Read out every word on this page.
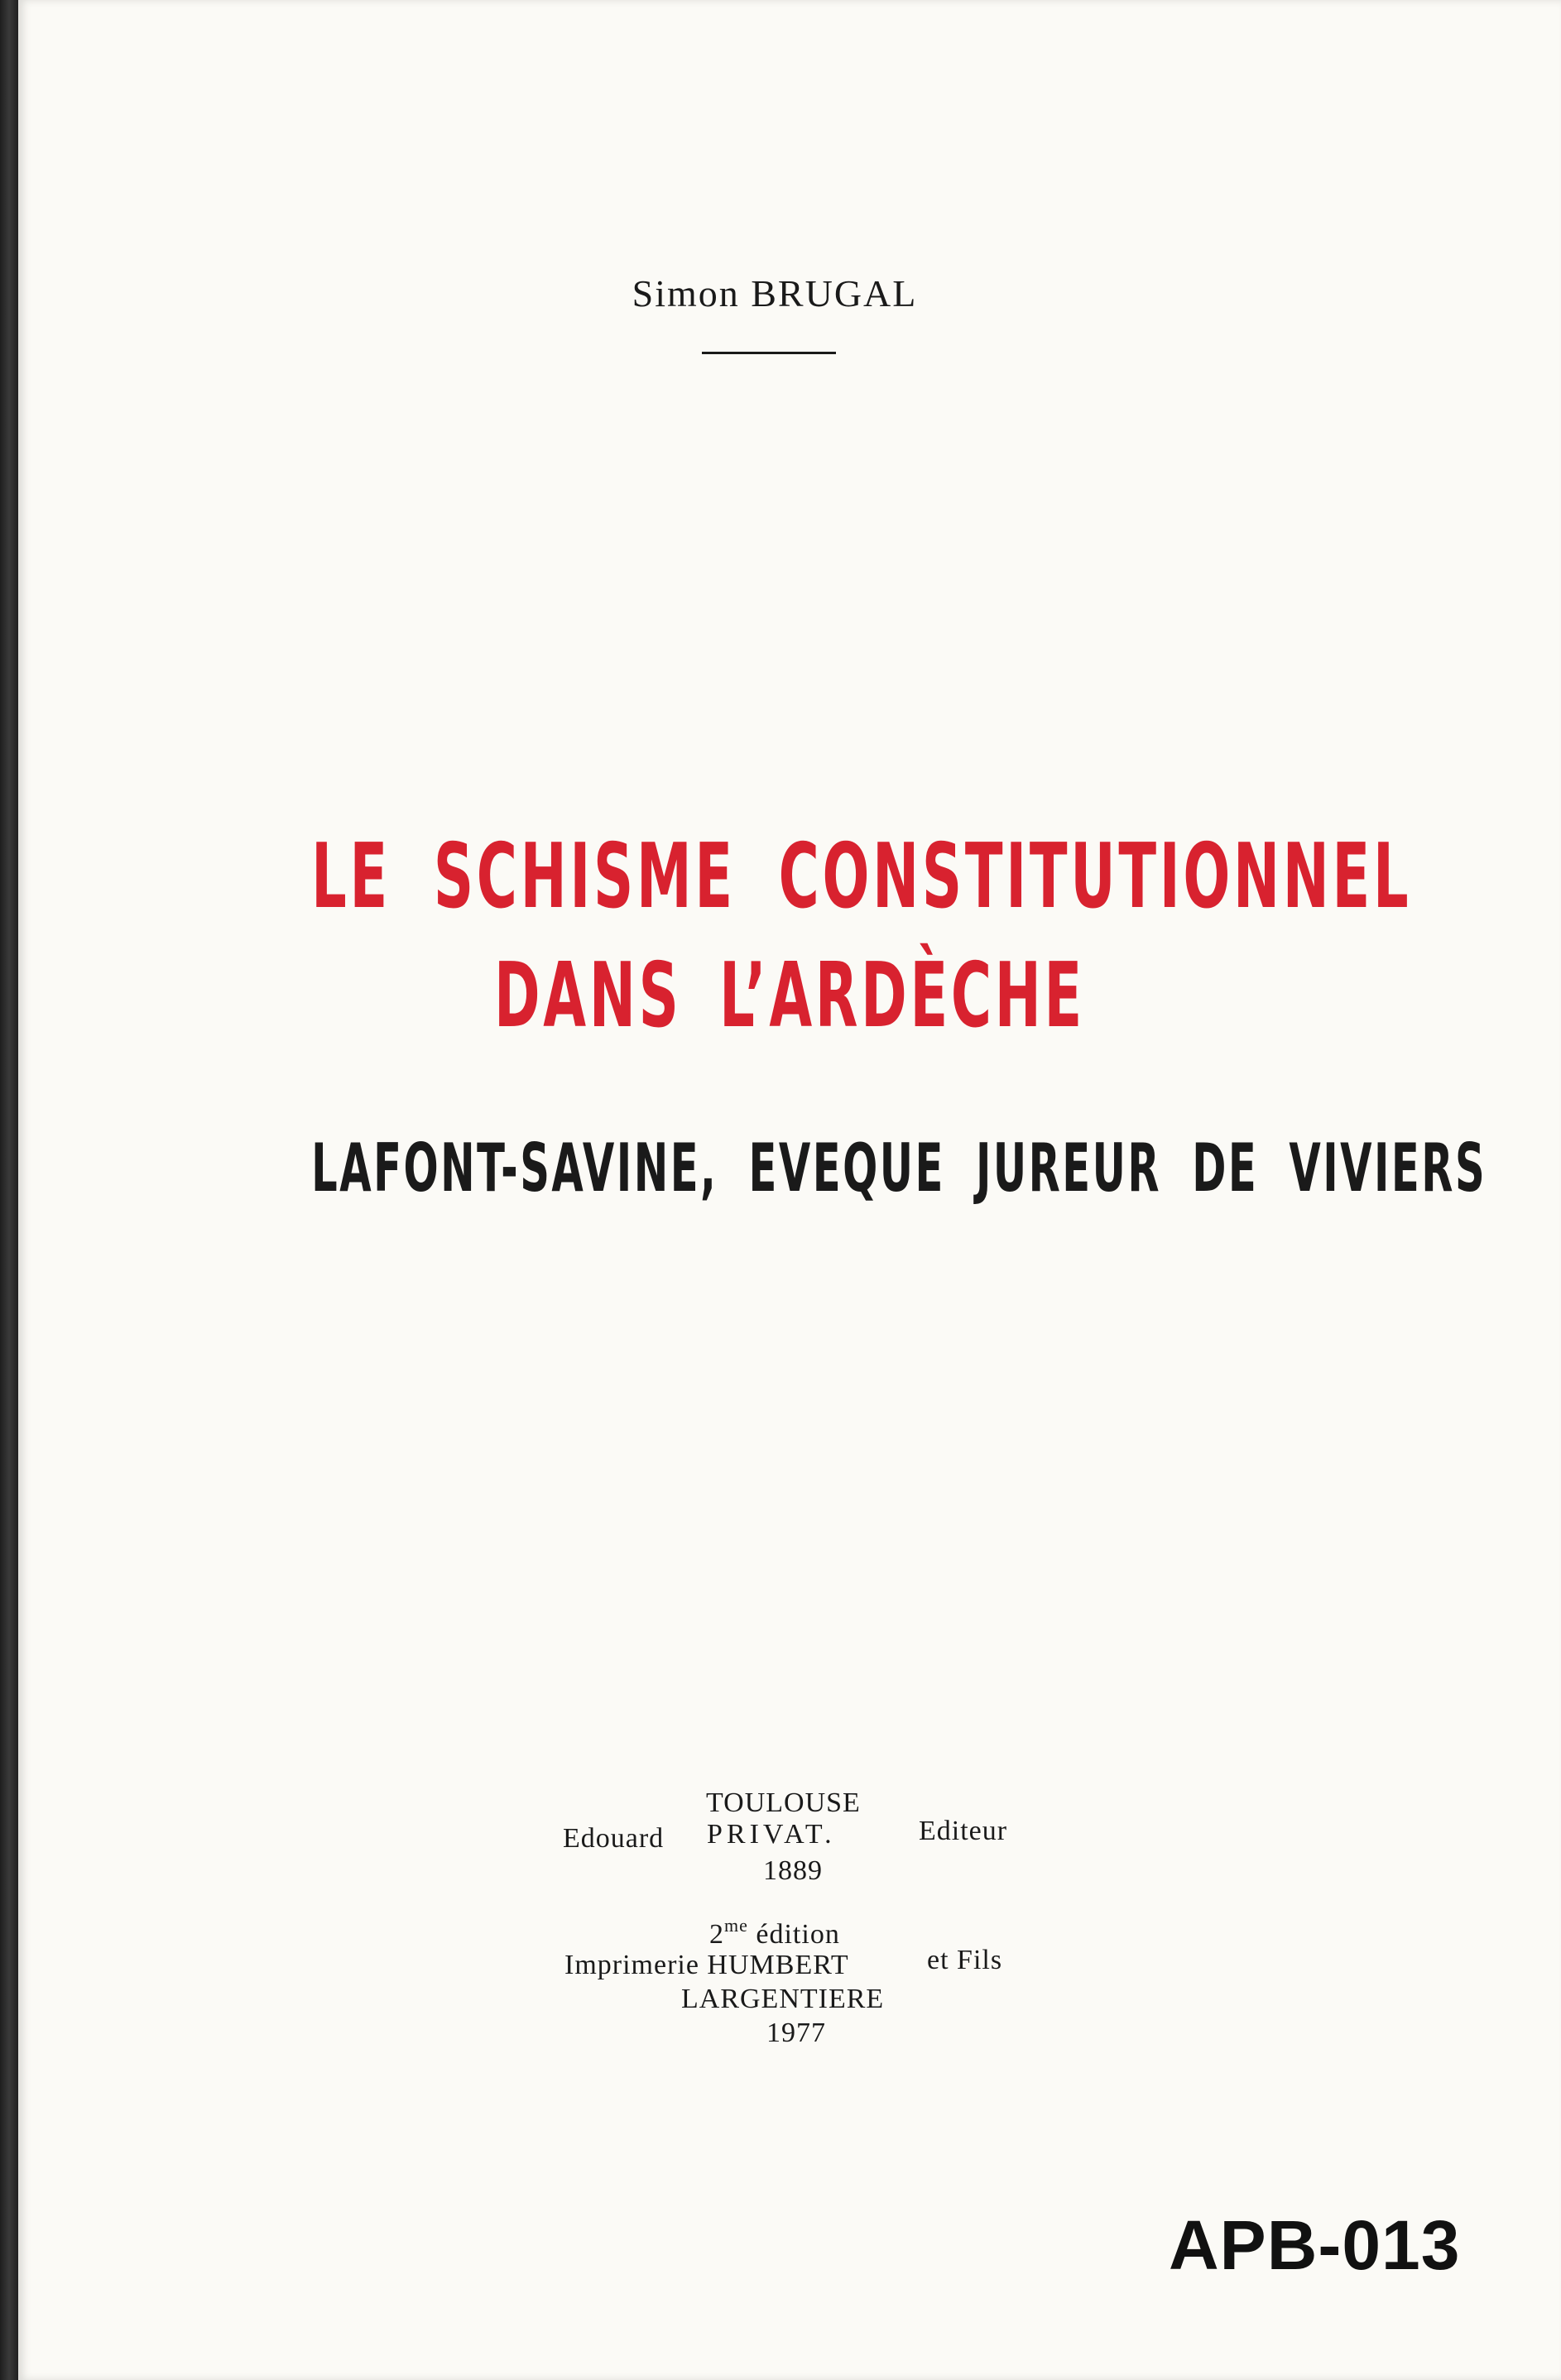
Simon BRUGAL
LE SCHISME CONSTITUTIONNEL
DANS L’ARDÈCHE
LAFONT-SAVINE, EVEQUE JUREUR DE VIVIERS
TOULOUSE
Edouard PRIVAT.	Editeur
1889
$2^{me}$ édition
Imprimerie HUMBERT	et Fils
LARGENTIERE
1977
APB-013
